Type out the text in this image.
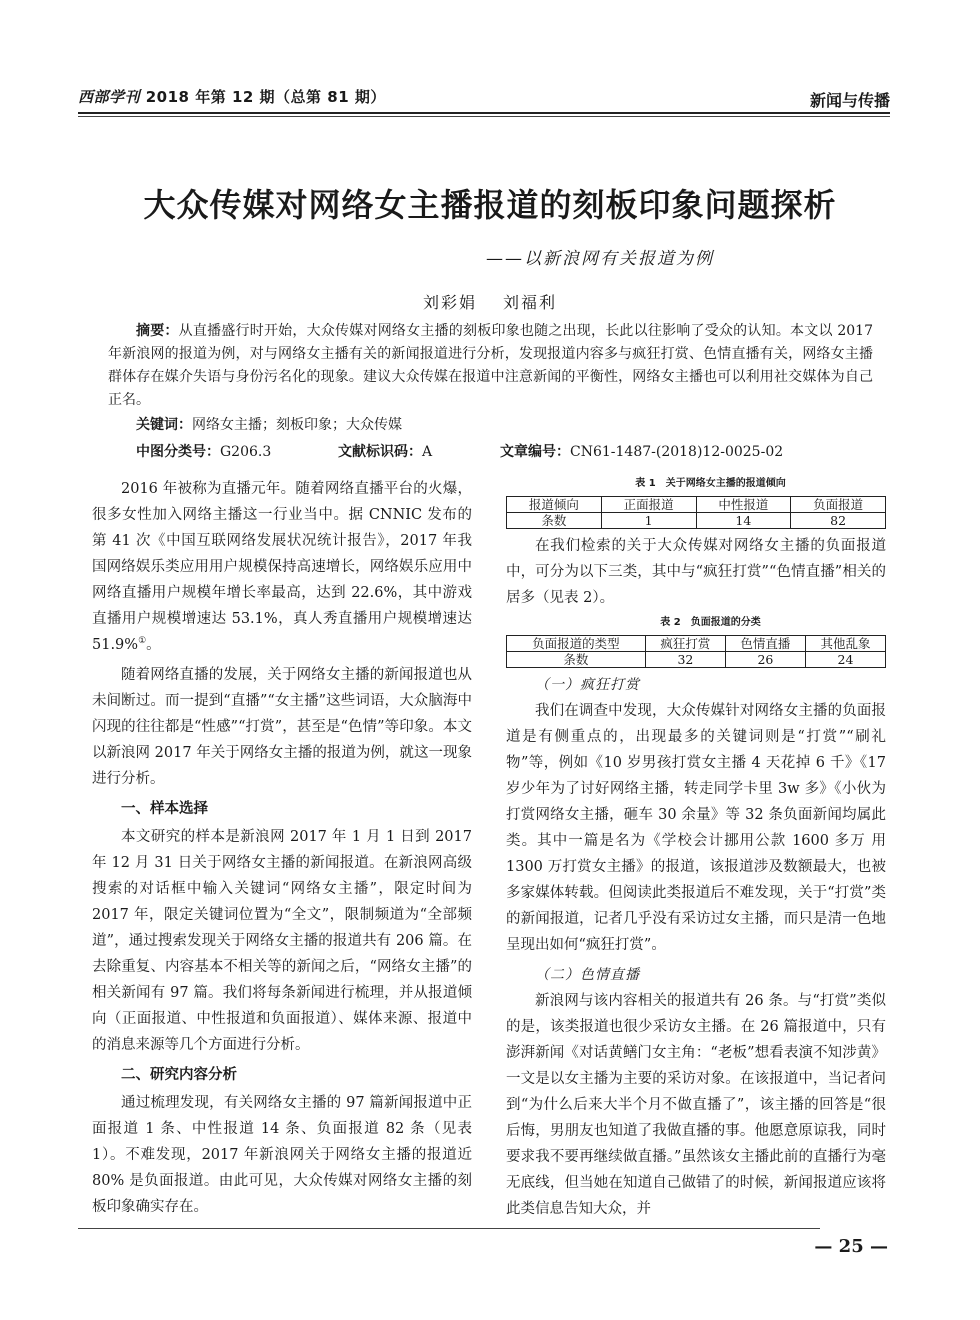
西部学刊 2018 年第 12 期（总第 81 期）	新闻与传播
大众传媒对网络女主播报道的刻板印象问题探析
——以新浪网有关报道为例
刘彩娟 刘福利
摘要：从直播盛行时开始，大众传媒对网络女主播的刻板印象也随之出现，长此以往影响了受众的认知。本文以 2017 年新浪网的报道为例，对与网络女主播有关的新闻报道进行分析，发现报道内容多与疯狂打赏、色情直播有关，网络女主播群体存在媒介失语与身份污名化的现象。建议大众传媒在报道中注意新闻的平衡性，网络女主播也可以利用社交媒体为自己正名。
关键词：网络女主播；刻板印象；大众传媒
中图分类号：G206.3	文献标识码：A	文章编号：CN61-1487-(2018)12-0025-02

2016 年被称为直播元年。随着网络直播平台的火爆，很多女性加入网络主播这一行业当中。据 CNNIC 发布的第 41 次《中国互联网络发展状况统计报告》，2017 年我国网络娱乐类应用用户规模保持高速增长，网络娱乐应用中网络直播用户规模年增长率最高，达到 22.6%，其中游戏直播用户规模增速达 53.1%，真人秀直播用户规模增速达 51.9%①。

随着网络直播的发展，关于网络女主播的新闻报道也从未间断过。而一提到“直播”“女主播”这些词语，大众脑海中闪现的往往都是“性感”“打赏”，甚至是“色情”等印象。本文以新浪网 2017 年关于网络女主播的报道为例，就这一现象进行分析。

一、样本选择

本文研究的样本是新浪网 2017 年 1 月 1 日到 2017 年 12 月 31 日关于网络女主播的新闻报道。在新浪网高级搜索的对话框中输入关键词“网络女主播”，限定时间为 2017 年，限定关键词位置为“全文”，限制频道为“全部频道”，通过搜索发现关于网络女主播的报道共有 206 篇。在去除重复、内容基本不相关等的新闻之后，“网络女主播”的相关新闻有 97 篇。我们将每条新闻进行梳理，并从报道倾向（正面报道、中性报道和负面报道）、媒体来源、报道中的消息来源等几个方面进行分析。

二、研究内容分析

通过梳理发现，有关网络女主播的 97 篇新闻报道中正面报道 1 条、中性报道 14 条、负面报道 82 条（见表 1）。不难发现，2017 年新浪网关于网络女主播的报道近 80% 是负面报道。由此可见，大众传媒对网络女主播的刻板印象确实存在。

表 1　关于网络女主播的报道倾向

报道倾向	正面报道	中性报道	负面报道
条数	1	14	82

在我们检索的关于大众传媒对网络女主播的负面报道中，可分为以下三类，其中与“疯狂打赏”“色情直播”相关的居多（见表 2）。

表 2　负面报道的分类

负面报道的类型	疯狂打赏	色情直播	其他乱象
条数	32	26	24
（一）疯狂打赏

我们在调查中发现，大众传媒针对网络女主播的负面报道是有侧重点的，出现最多的关键词则是“打赏”“刷礼物”等，例如《10 岁男孩打赏女主播 4 天花掉 6 千》《17 岁少年为了讨好网络主播，转走同学卡里 3w 多》《小伙为打赏网络女主播，砸车 30 余量》等 32 条负面新闻均属此类。其中一篇是名为《学校会计挪用公款 1600 多万 用 1300 万打赏女主播》的报道，该报道涉及数额最大，也被多家媒体转载。但阅读此类报道后不难发现，关于“打赏”类的新闻报道，记者几乎没有采访过女主播，而只是清一色地呈现出如何“疯狂打赏”。

（二）色情直播

新浪网与该内容相关的报道共有 26 条。与“打赏”类似的是，该类报道也很少采访女主播。在 26 篇报道中，只有澎湃新闻《对话黄鳝门女主角：“老板”想看表演不知涉黄》一文是以女主播为主要的采访对象。在该报道中，当记者问到“为什么后来大半个月不做直播了”，该主播的回答是“很后悔，男朋友也知道了我做直播的事。他愿意原谅我，同时要求我不要再继续做直播。”虽然该女主播此前的直播行为毫无底线，但当她在知道自己做错了的时候，新闻报道应该将此类信息告知大众，并

— 25 —
